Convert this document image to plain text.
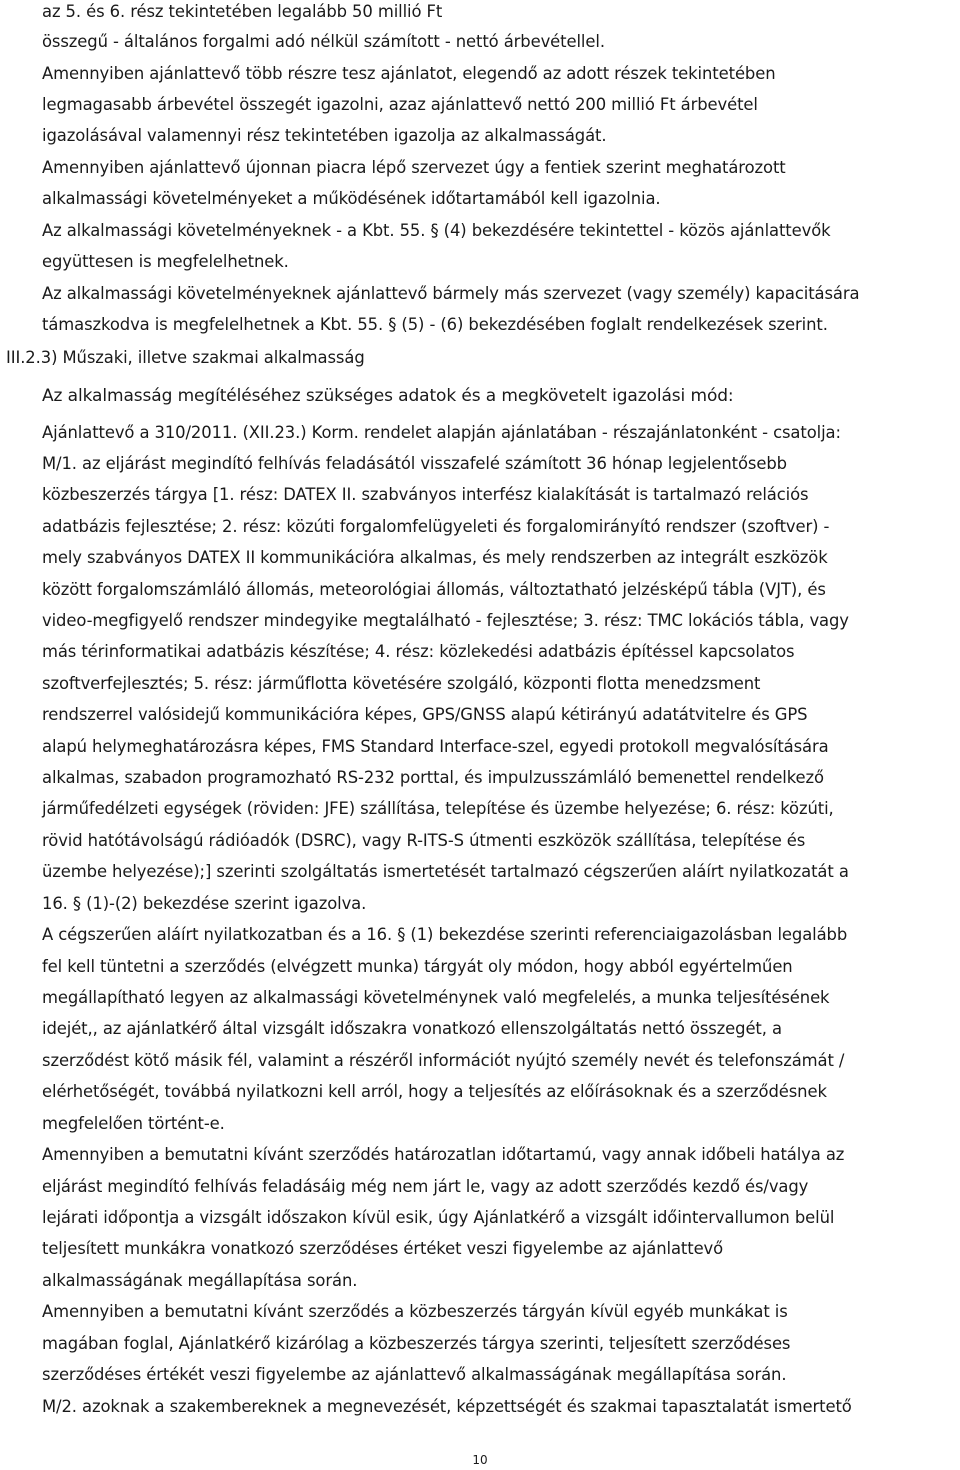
az 5. és 6. rész tekintetében legalább 50 millió Ft
összegű - általános forgalmi adó nélkül számított - nettó árbevétellel.
Amennyiben ajánlattevő több részre tesz ajánlatot, elegendő az adott részek tekintetében
legmagasabb árbevétel összegét igazolni, azaz ajánlattevő nettó 200 millió Ft árbevétel
igazolásával valamennyi rész tekintetében igazolja az alkalmasságát.
Amennyiben ajánlattevő újonnan piacra lépő szervezet úgy a fentiek szerint meghatározott
alkalmassági követelményeket a működésének időtartamából kell igazolnia.
Az alkalmassági követelményeknek - a Kbt. 55. § (4) bekezdésére tekintettel - közös ajánlattevők
együttesen is megfelelhetnek.
Az alkalmassági követelményeknek ajánlattevő bármely más szervezet (vagy személy) kapacitására
támaszkodva is megfelelhetnek a Kbt. 55. § (5) - (6) bekezdésében foglalt rendelkezések szerint.
III.2.3) Műszaki, illetve szakmai alkalmasság
Az alkalmasság megítéléséhez szükséges adatok és a megkövetelt igazolási mód:
Ajánlattevő a 310/2011. (XII.23.) Korm. rendelet alapján ajánlatában - részajánlatonként - csatolja:
M/1. az eljárást megindító felhívás feladásától visszafelé számított 36 hónap legjelentősebb
közbeszerzés tárgya [1. rész: DATEX II. szabványos interfész kialakítását is tartalmazó relációs
adatbázis fejlesztése; 2. rész: közúti forgalomfelügyeleti és forgalomirányító rendszer (szoftver) -
mely szabványos DATEX II kommunikációra alkalmas, és mely rendszerben az integrált eszközök
között forgalomszámláló állomás, meteorológiai állomás, változtatható jelzésképű tábla (VJT), és
video-megfigyelő rendszer mindegyike megtalálható - fejlesztése; 3. rész: TMC lokációs tábla, vagy
más térinformatikai adatbázis készítése; 4. rész: közlekedési adatbázis építéssel kapcsolatos
szoftverfejlesztés; 5. rész: járműflotta követésére szolgáló, központi flotta menedzsment
rendszerrel valósidejű kommunikációra képes, GPS/GNSS alapú kétirányú adatátvitelre és GPS
alapú helymeghatározásra képes, FMS Standard Interface-szel, egyedi protokoll megvalósítására
alkalmas, szabadon programozható RS-232 porttal, és impulzusszámláló bemenettel rendelkező
járműfedélzeti egységek (röviden: JFE) szállítása, telepítése és üzembe helyezése; 6. rész: közúti,
rövid hatótávolságú rádióadók (DSRC), vagy R-ITS-S útmenti eszközök szállítása, telepítése és
üzembe helyezése);] szerinti szolgáltatás ismertetését tartalmazó cégszerűen aláírt nyilatkozatát a
16. § (1)-(2) bekezdése szerint igazolva.
A cégszerűen aláírt nyilatkozatban és a 16. § (1) bekezdése szerinti referenciaigazolásban legalább
fel kell tüntetni a szerződés (elvégzett munka) tárgyát oly módon, hogy abból egyértelműen
megállapítható legyen az alkalmassági követelménynek való megfelelés, a munka teljesítésének
idejét,, az ajánlatkérő által vizsgált időszakra vonatkozó ellenszolgáltatás nettó összegét, a
szerződést kötő másik fél, valamint a részéről információt nyújtó személy nevét és telefonszámát /
elérhetőségét, továbbá nyilatkozni kell arról, hogy a teljesítés az előírásoknak és a szerződésnek
megfelelően történt-e.
Amennyiben a bemutatni kívánt szerződés határozatlan időtartamú, vagy annak időbeli hatálya az
eljárást megindító felhívás feladásáig még nem járt le, vagy az adott szerződés kezdő és/vagy
lejárati időpontja a vizsgált időszakon kívül esik, úgy Ajánlatkérő a vizsgált időintervallumon belül
teljesített munkákra vonatkozó szerződéses értéket veszi figyelembe az ajánlattevő
alkalmasságának megállapítása során.
Amennyiben a bemutatni kívánt szerződés a közbeszerzés tárgyán kívül egyéb munkákat is
magában foglal, Ajánlatkérő kizárólag a közbeszerzés tárgya szerinti, teljesített szerződéses
szerződéses értékét veszi figyelembe az ajánlattevő alkalmasságának megállapítása során.
M/2. azoknak a szakembereknek a megnevezését, képzettségét és szakmai tapasztalatát ismertető
10
